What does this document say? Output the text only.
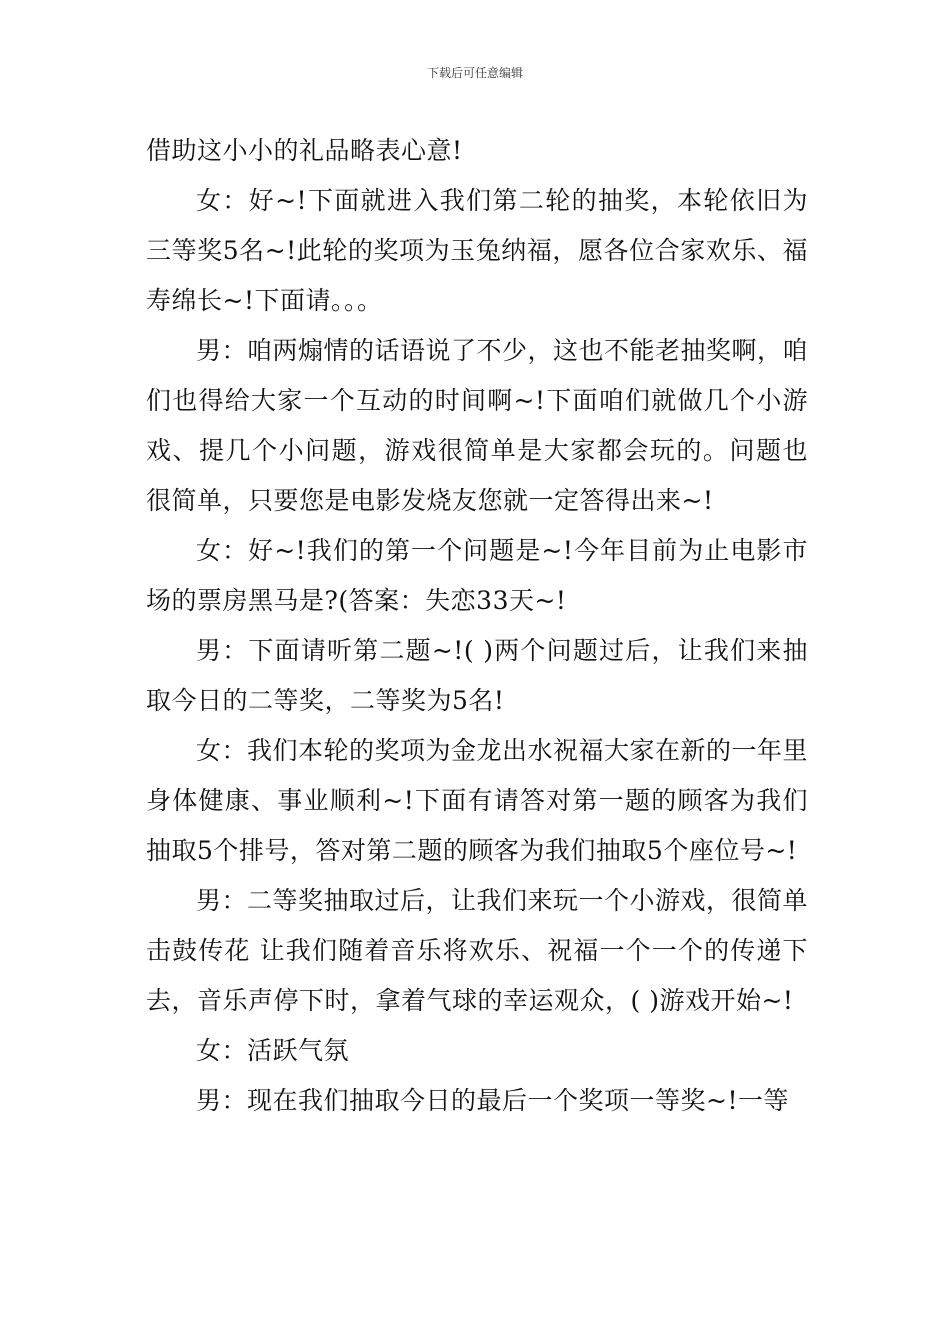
下载后可任意编辑

借助这小小的礼品略表心意!

女：好~!下面就进入我们第二轮的抽奖，本轮依旧为三等奖5名~!此轮的奖项为玉兔纳福，愿各位合家欢乐、福寿绵长~!下面请。。。

男：咱两煽情的话语说了不少，这也不能老抽奖啊，咱们也得给大家一个互动的时间啊~!下面咱们就做几个小游戏、提几个小问题，游戏很简单是大家都会玩的。问题也很简单，只要您是电影发烧友您就一定答得出来~!

女：好~!我们的第一个问题是~!今年目前为止电影市场的票房黑马是?(答案：失恋33天~!

男：下面请听第二题~!( )两个问题过后，让我们来抽取今日的二等奖，二等奖为5名!

女：我们本轮的奖项为金龙出水祝福大家在新的一年里身体健康、事业顺利~!下面有请答对第一题的顾客为我们抽取5个排号，答对第二题的顾客为我们抽取5个座位号~!

男：二等奖抽取过后，让我们来玩一个小游戏，很简单击鼓传花 让我们随着音乐将欢乐、祝福一个一个的传递下去，音乐声停下时，拿着气球的幸运观众，( )游戏开始~!

女：活跃气氛

男：现在我们抽取今日的最后一个奖项一等奖~!一等
